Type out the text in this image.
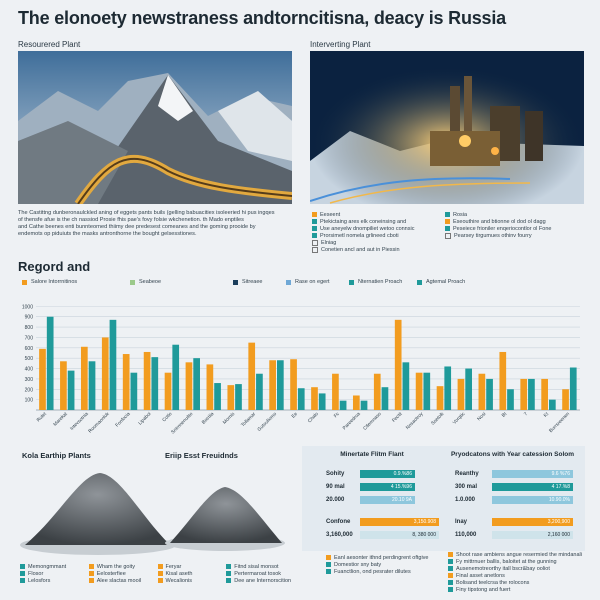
The elonoety newstraness andtorncitisna, deacy is Russia
Resourered Plant
The Castittng dunberonaulckled aning of eggets pants buils (gelling babuacitiex isoleeried hi pus ingqes
of thensfe afue is the ch nassiod Prosie fhis pae's fovy folsie wkchenetion. th Mado enptiles
and Cathe beenes enti bunnteorned thiimy dee predesest comeanes and the goming prooide by
endemots op piduiuts the masks antronthorne the bought gelsesstiones.
Interverting Plant
Eeseent
Ptekictaing ares elk coneinsing and
Use aneyelw dnompiliet wetoo connsic
Prorsimetl nomela grlineed cboti
Elniag
Conetien ancl and aut in Piessin
Rosia
Eseouthire and btionne ol dod ol dagg
Peseiece frioniler enqeriocontlor ol Fone
Pearsey tirgumues othinv fourry
Regord and
Salore Intorrnitinos	Seabeoe	Sitreaee	Rase on egert	Nternatien Proach	Agtemal Proach
1000
900
800
700
600
500
400
300
200
100
Rulet Marekat Intevsotnia
Roomaonlok Fonfocia Lipaboi Cotlo
Snirnnenuitto Boctiia Mornis Tollamar Gutouliomo	Ee Chalo	Fc Pareedroa Ctlemnaso Fectit Nosaotroy Ssetoik Vorqtic Nosi	Bt	7	Kt
Burrsreenen
Kola Earthip Plants	Eriip Esst Freuidnds
Memongmmant	Wham the goity	Feryar	Fitnd sisal monsot
Flosor	Eelosterfiee	Kisal aseth	Pertermaroat tosok
Lelosfors	Alee slactas mooil	Wecalionis	Dee ane Internorscition
Minertate Flitm Flant
Sohity	0.9.%86
90 mal	4 15.%96
20.000	20.10 9A
Confone	3,150.908
3,160,000	8, 380 000
Eanl aesonter ithnd perdingrent oftgive
Domestior sny baty
Fuanctlion, ond pesrater dilutes
Pryodcatons with Year catession Solom
Reanthy	9.6 %76
300 mal	4 17.%8
1.0.000	10.90.0%
Inay	3,200,900
110,000	2,160 000
Shoot rase ambiens angue resermied the mindanali
Fy mittrnuer ballis, baloitet at the gunning
Ausenemotreorthy itall bscr&bay ooliot
Final asset anetlons
Bolisand teelcrsa the rolocons
Finy tipstong and fuert
